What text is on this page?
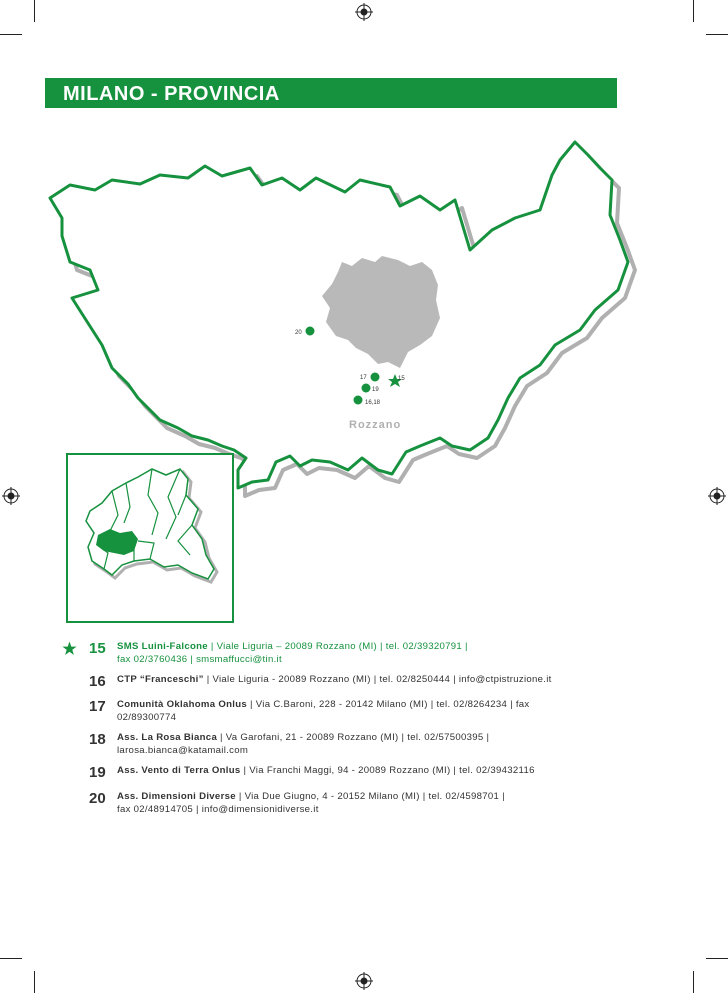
MILANO - PROVINCIA
Rozzano
20
17
19
16,18
15
15 SMS Luini-Falcone | Viale Liguria – 20089 Rozzano (MI) | tel. 02/39320791 |
fax 02/3760436 | smsmaffucci@tin.it
16 CTP “Franceschi” | Viale Liguria - 20089 Rozzano (MI) | tel. 02/8250444 | info@ctpistruzione.it
17 Comunità Oklahoma Onlus | Via C.Baroni, 228 - 20142 Milano (MI) | tel. 02/8264234 | fax
02/89300774
18 Ass. La Rosa Bianca | Va Garofani, 21 - 20089 Rozzano (MI) | tel. 02/57500395 |
larosa.bianca@katamail.com
19 Ass. Vento di Terra Onlus | Via Franchi Maggi, 94 - 20089 Rozzano (MI) | tel. 02/39432116
20 Ass. Dimensioni Diverse | Via Due Giugno, 4 - 20152 Milano (MI) | tel. 02/4598701 |
fax 02/48914705 | info@dimensionidiverse.it
